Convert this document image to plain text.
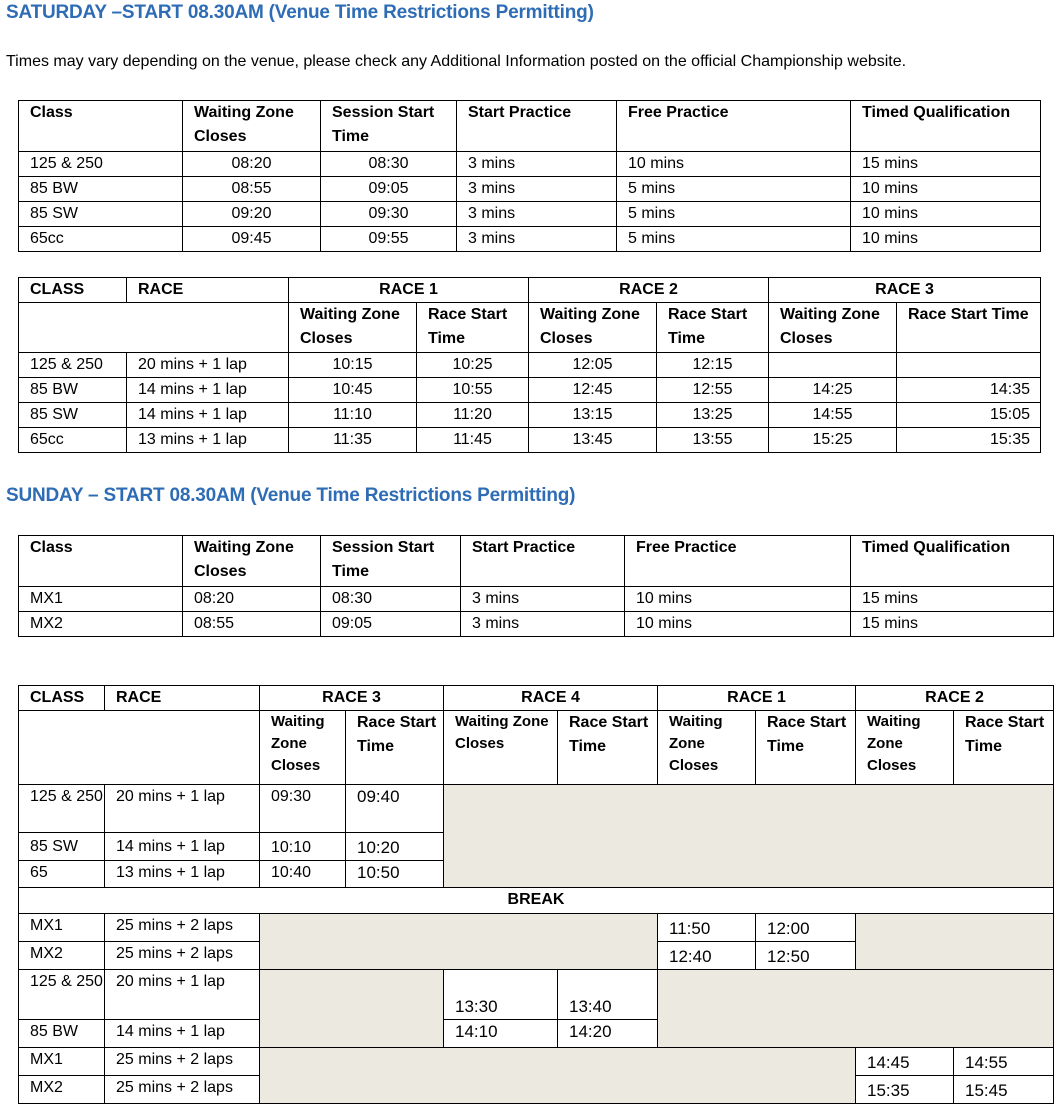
SATURDAY –START 08.30AM (Venue Time Restrictions Permitting)
Times may vary depending on the venue, please check any Additional Information posted on the official Championship website.
Class	Waiting Zone Closes	Session Start Time	Start Practice	Free Practice	Timed Qualification
125 & 250	08:20	08:30	3 mins	10 mins	15 mins
85 BW	08:55	09:05	3 mins	5 mins	10 mins
85 SW	09:20	09:30	3 mins	5 mins	10 mins
65cc	09:45	09:55	3 mins	5 mins	10 mins
CLASS	RACE	RACE 1		RACE 2		RACE 3	
		Waiting Zone Closes	Race Start Time	Waiting Zone Closes	Race Start Time	Waiting Zone Closes	Race Start Time
125 & 250	20 mins + 1 lap	10:15	10:25	12:05	12:15		
85 BW	14 mins + 1 lap	10:45	10:55	12:45	12:55	14:25	14:35
85 SW	14 mins + 1 lap	11:10	11:20	13:15	13:25	14:55	15:05
65cc	13 mins + 1 lap	11:35	11:45	13:45	13:55	15:25	15:35
SUNDAY – START 08.30AM (Venue Time Restrictions Permitting)
Class	Waiting Zone Closes	Session Start Time	Start Practice	Free Practice	Timed Qualification
MX1	08:20	08:30	3 mins	10 mins	15 mins
MX2	08:55	09:05	3 mins	10 mins	15 mins
CLASS	RACE	RACE 3		RACE 4		RACE 1		RACE 2	
		Waiting Zone Closes	Race Start Time	Waiting Zone Closes	Race Start Time	Waiting Zone Closes	Race Start Time	Waiting Zone Closes	Race Start Time
125 & 250	20 mins + 1 lap	09:30	09:40						
85 SW	14 mins + 1 lap	10:10	10:20						
65	13 mins + 1 lap	10:40	10:50						
BREAK									
MX1	25 mins + 2 laps					11:50	12:00		
MX2	25 mins + 2 laps					12:40	12:50		
125 & 250	20 mins + 1 lap			13:30	13:40				
85 BW	14 mins + 1 lap			14:10	14:20				
MX1	25 mins + 2 laps							14:45	14:55
MX2	25 mins + 2 laps							15:35	15:45
